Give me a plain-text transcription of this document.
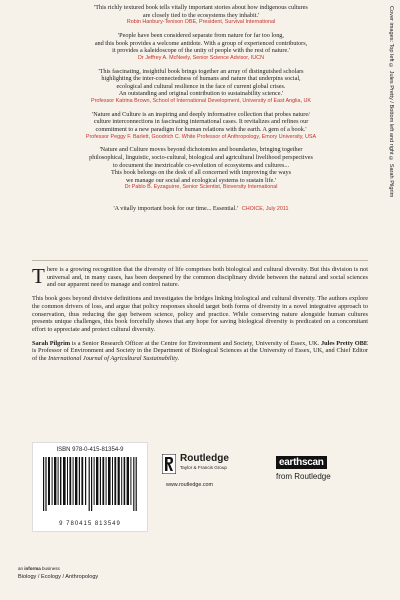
'This richly textured book tells vitally important stories about how indigenous cultures
are closely tied to the ecosystems they inhabit.'
Robin Hanbury-Tenison OBE, President, Survival International
'People have been considered separate from nature for far too long,
and this book provides a welcome antidote. With a group of experienced contributors,
it provides a kaleidoscope of the unity of people with the rest of nature.'
Dr Jeffrey A. McNeely, Senior Science Advisor, IUCN
'This fascinating, insightful book brings together an array of distinguished scholars
highlighting the inter-connectedness of humans and nature that underpins social,
ecological and cultural resilience in the face of current global crises.
An outstanding and original contribution to sustainability science.'
Professor Katrina Brown, School of International Development, University of East Anglia, UK
'Nature and Culture is an inspiring and deeply informative collection that probes nature/
culture interconnections in fascinating international cases. It revitalizes and refines our
commitment to a new paradigm for human relations with the earth. A gem of a book.'
Professor Peggy F. Barlett, Goodrich C. White Professor of Anthropology, Emory University, USA
'Nature and Culture moves beyond dichotomies and boundaries, bringing together
philosophical, linguistic, socio-cultural, biological and agricultural livelihood perspectives
to document the inextricable co-evolution of ecosystems and cultures...
This book belongs on the desk of all concerned with improving the ways
we manage our social and ecological systems to sustain life.'
Dr Pablo B. Eyzaguirre, Senior Scientist, Bioversity International
'A vitally important book for our time... Essential.' CHOICE, July 2011

There is a growing recognition that the diversity of life comprises both biological and cultural diversity. But this division is not universal and, in many cases, has been deepened by the common disciplinary divide between the natural and social sciences and our apparent need to manage and control nature.

This book goes beyond divisive definitions and investigates the bridges linking biological and cultural diversity. The authors explore the common drivers of loss, and argue that policy responses should target both forms of diversity in a novel integrative approach to conservation, thus reducing the gap between science, policy and practice. While conserving nature alongside human cultures presents unique challenges, this book forcefully shows that any hope for saving biological diversity is predicated on a concomitant effort to appreciate and protect cultural diversity.

Sarah Pilgrim is a Senior Research Officer at the Centre for Environment and Society, University of Essex, UK. Jules Pretty OBE is Professor of Environment and Society in the Department of Biological Sciences at the University of Essex, UK, and Chief Editor of the International Journal of Agricultural Sustainability.

ISBN 978-0-415-81354-9
9 780415 813549
Routledge
Taylor & Francis Group
www.routledge.com
earthscan
from Routledge
an informa business
Biology / Ecology / Anthropology
Cover images: Top left © Jules Pretty / Bottom left and right © Sarah Pilgrim
